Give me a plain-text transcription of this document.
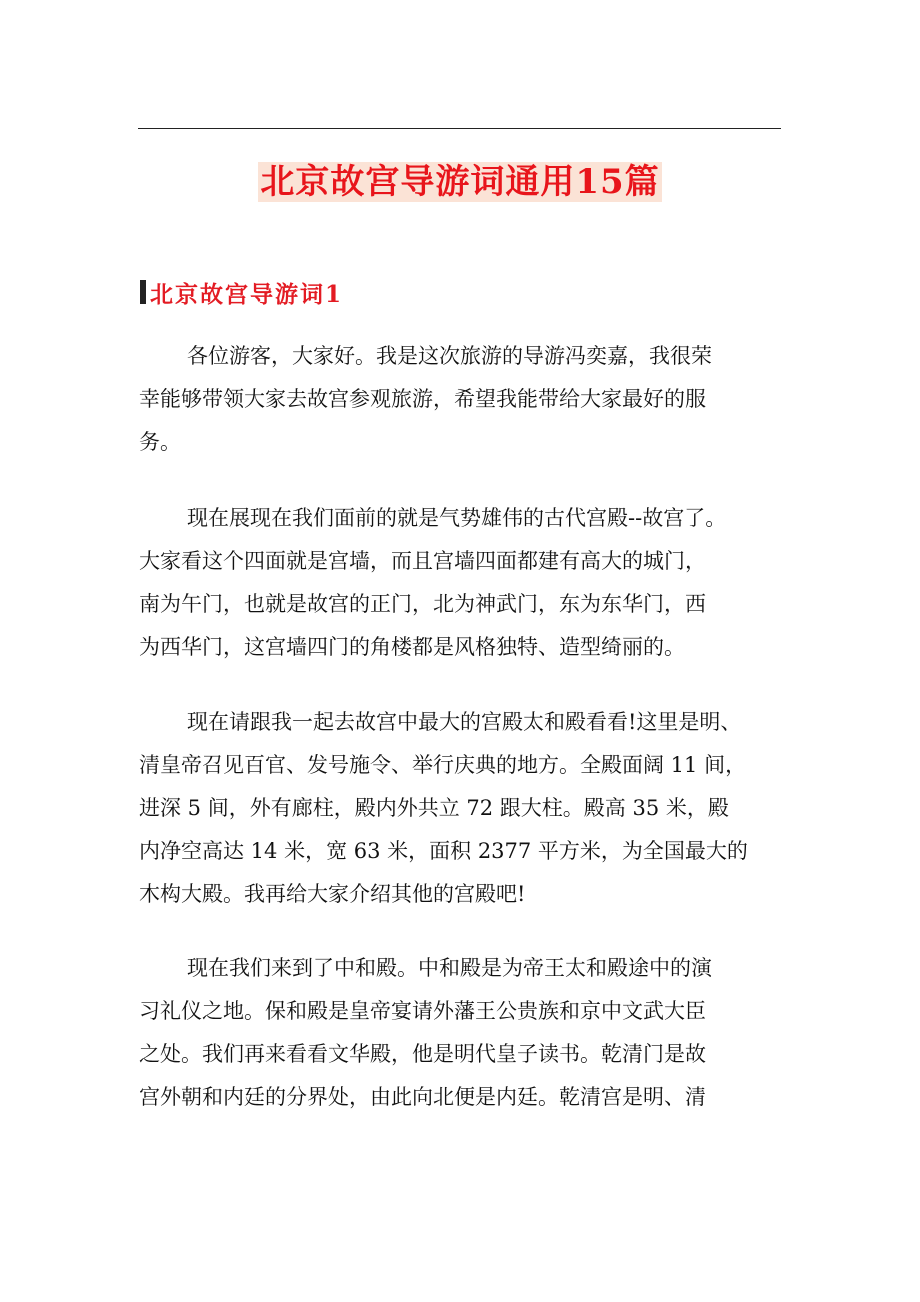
北京故宫导游词通用15篇
北京故宫导游词1

各位游客，大家好。我是这次旅游的导游冯奕嘉，我很荣
幸能够带领大家去故宫参观旅游，希望我能带给大家最好的服
务。

现在展现在我们面前的就是气势雄伟的古代宫殿--故宫了。
大家看这个四面就是宫墙，而且宫墙四面都建有高大的城门，
南为午门，也就是故宫的正门，北为神武门，东为东华门，西
为西华门，这宫墙四门的角楼都是风格独特、造型绮丽的。

现在请跟我一起去故宫中最大的宫殿太和殿看看!这里是明、
清皇帝召见百官、发号施令、举行庆典的地方。全殿面阔 11 间，
进深 5 间，外有廊柱，殿内外共立 72 跟大柱。殿高 35 米，殿
内净空高达 14 米，宽 63 米，面积 2377 平方米，为全国最大的
木构大殿。我再给大家介绍其他的宫殿吧!

现在我们来到了中和殿。中和殿是为帝王太和殿途中的演
习礼仪之地。保和殿是皇帝宴请外藩王公贵族和京中文武大臣
之处。我们再来看看文华殿，他是明代皇子读书。乾清门是故
宫外朝和内廷的分界处，由此向北便是内廷。乾清宫是明、清
